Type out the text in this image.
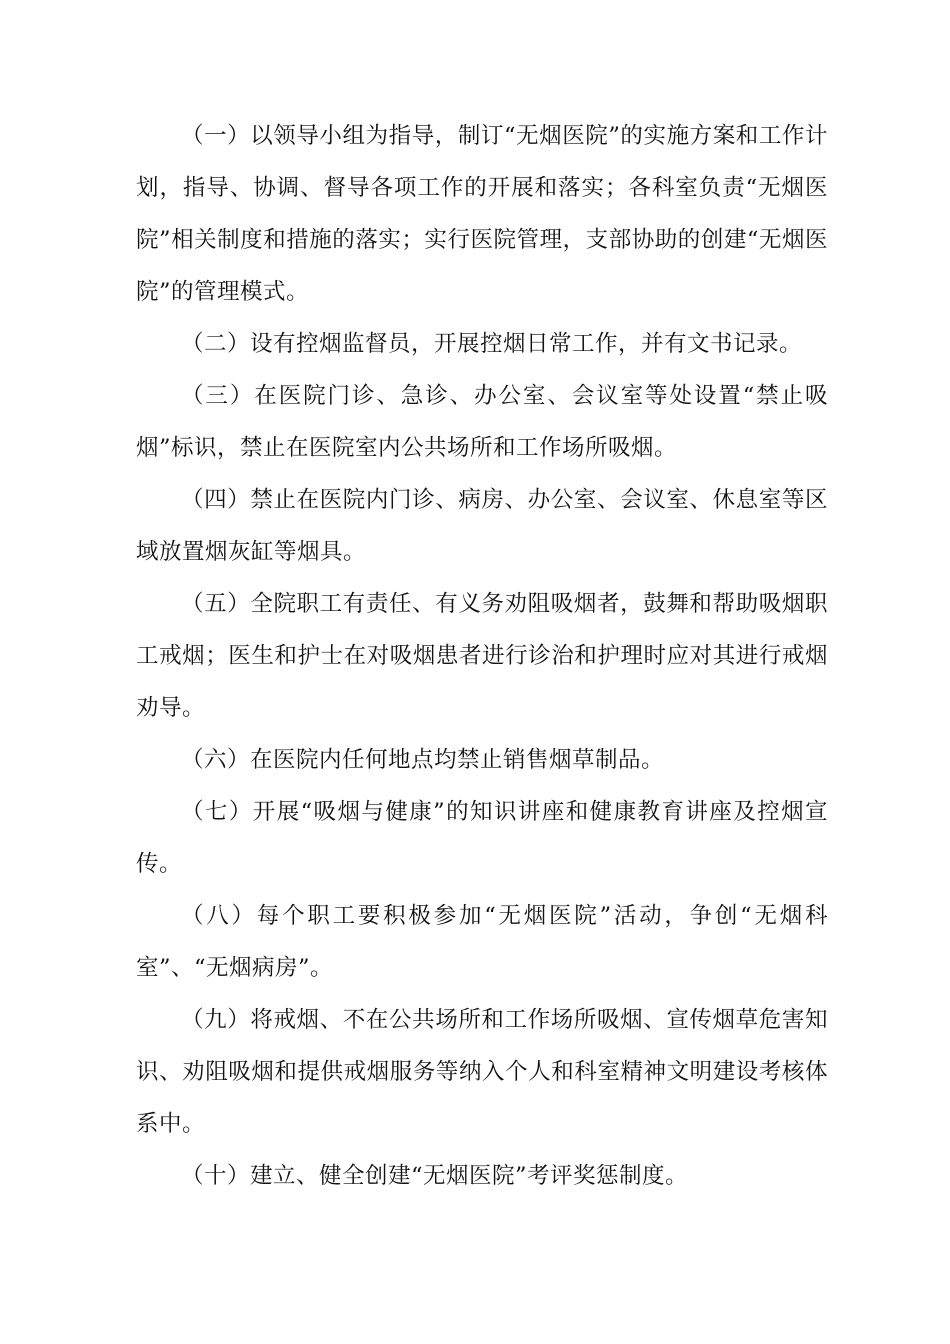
（一）以领导小组为指导，制订“无烟医院”的实施方案和工作计划，指导、协调、督导各项工作的开展和落实；各科室负责“无烟医院”相关制度和措施的落实；实行医院管理，支部协助的创建“无烟医院”的管理模式。

（二）设有控烟监督员，开展控烟日常工作，并有文书记录。

（三）在医院门诊、急诊、办公室、会议室等处设置“禁止吸烟”标识，禁止在医院室内公共场所和工作场所吸烟。

（四）禁止在医院内门诊、病房、办公室、会议室、休息室等区域放置烟灰缸等烟具。

（五）全院职工有责任、有义务劝阻吸烟者，鼓舞和帮助吸烟职工戒烟；医生和护士在对吸烟患者进行诊治和护理时应对其进行戒烟劝导。

（六）在医院内任何地点均禁止销售烟草制品。

（七）开展“吸烟与健康”的知识讲座和健康教育讲座及控烟宣传。

（八）每个职工要积极参加“无烟医院”活动，争创“无烟科室”、“无烟病房”。

（九）将戒烟、不在公共场所和工作场所吸烟、宣传烟草危害知识、劝阻吸烟和提供戒烟服务等纳入个人和科室精神文明建设考核体系中。

（十）建立、健全创建“无烟医院”考评奖惩制度。
